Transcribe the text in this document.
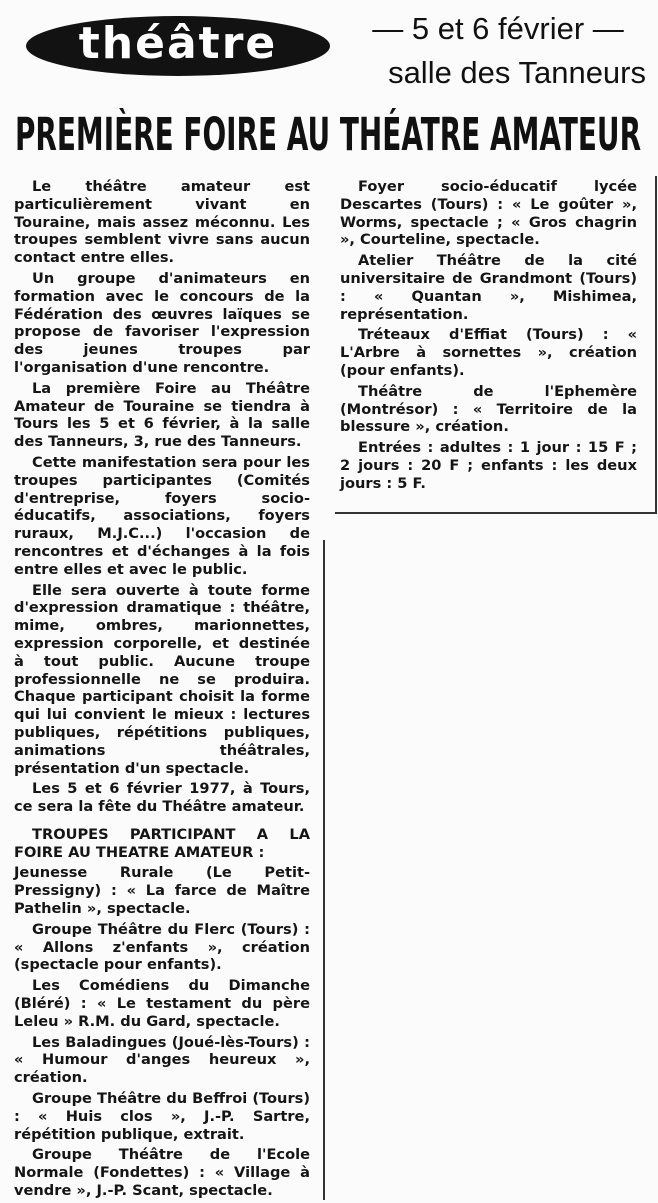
théâtre	— 5 et 6 février —
salle des Tanneurs
PREMIÈRE FOIRE AU THÉATRE AMATEUR

Le théâtre amateur est particulièrement vivant en Touraine, mais assez méconnu. Les troupes semblent vivre sans aucun contact entre elles.

Un groupe d'animateurs en formation avec le concours de la Fédération des œuvres laïques se propose de favoriser l'expression des jeunes troupes par l'organisation d'une rencontre.

La première Foire au Théâtre Amateur de Touraine se tiendra à Tours les 5 et 6 février, à la salle des Tanneurs, 3, rue des Tanneurs.

Cette manifestation sera pour les troupes participantes (Comités d'entreprise, foyers socio-éducatifs, associations, foyers ruraux, M.J.C...) l'occasion de rencontres et d'échanges à la fois entre elles et avec le public.

Elle sera ouverte à toute forme d'expression dramatique : théâtre, mime, ombres, marionnettes, expression corporelle, et destinée à tout public. Aucune troupe professionnelle ne se produira. Chaque participant choisit la forme qui lui convient le mieux : lectures publiques, répétitions publiques, animations théâtrales, présentation d'un spectacle.

Les 5 et 6 février 1977, à Tours, ce sera la fête du Théâtre amateur.

TROUPES PARTICIPANT A LA FOIRE AU THEATRE AMATEUR :

Jeunesse Rurale (Le Petit-Pressigny) : « La farce de Maître Pathelin », spectacle.

Groupe Théâtre du Flerc (Tours) : « Allons z'enfants », création (spectacle pour enfants).

Les Comédiens du Dimanche (Bléré) : « Le testament du père Leleu » R.M. du Gard, spectacle.

Les Baladingues (Joué-lès-Tours) : « Humour d'anges heureux », création.

Groupe Théâtre du Beffroi (Tours) : « Huis clos », J.-P. Sartre, répétition publique, extrait.

Groupe Théâtre de l'Ecole Normale (Fondettes) : « Village à vendre », J.-P. Scant, spectacle.

Foyer socio-éducatif lycée Descartes (Tours) : « Le goûter », Worms, spectacle ; « Gros chagrin », Courteline, spectacle.

Atelier Théâtre de la cité universitaire de Grandmont (Tours) : « Quantan », Mishimea, représentation.

Tréteaux d'Effiat (Tours) : « L'Arbre à sornettes », création (pour enfants).

Théâtre de l'Ephemère (Montrésor) : « Territoire de la blessure », création.

Entrées : adultes : 1 jour : 15 F ; 2 jours : 20 F ; enfants : les deux jours : 5 F.
